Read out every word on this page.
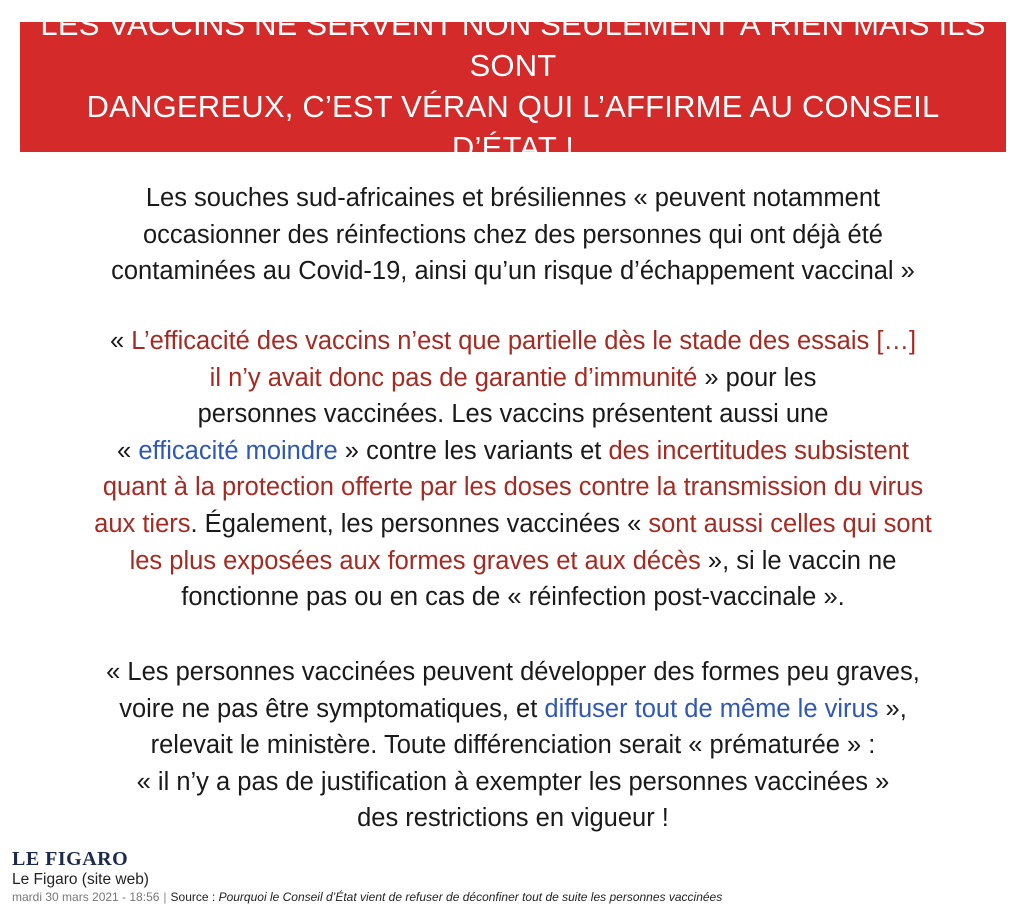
LES VACCINS NE SERVENT NON SEULEMENT À RIEN MAIS ILS SONT
DANGEREUX, C’EST VÉRAN QUI L’AFFIRME AU CONSEIL D’ÉTAT !

Les souches sud-africaines et brésiliennes « peuvent notamment
occasionner des réinfections chez des personnes qui ont déjà été
contaminées au Covid-19, ainsi qu’un risque d’échappement vaccinal »

« L’efficacité des vaccins n’est que partielle dès le stade des essais […]
il n’y avait donc pas de garantie d’immunité » pour les
personnes vaccinées. Les vaccins présentent aussi une
« efficacité moindre » contre les variants et des incertitudes subsistent
quant à la protection offerte par les doses contre la transmission du virus
aux tiers. Également, les personnes vaccinées « sont aussi celles qui sont
les plus exposées aux formes graves et aux décès », si le vaccin ne
fonctionne pas ou en cas de « réinfection post-vaccinale ».

« Les personnes vaccinées peuvent développer des formes peu graves,
voire ne pas être symptomatiques, et diffuser tout de même le virus »,
relevait le ministère. Toute différenciation serait « prématurée » :
« il n’y a pas de justification à exempter les personnes vaccinées »
des restrictions en vigueur !

LE FIGARO
Le Figaro (site web)
mardi 30 mars 2021 - 18:56 | Source : Pourquoi le Conseil d’État vient de refuser de déconfiner tout de suite les personnes vaccinées
